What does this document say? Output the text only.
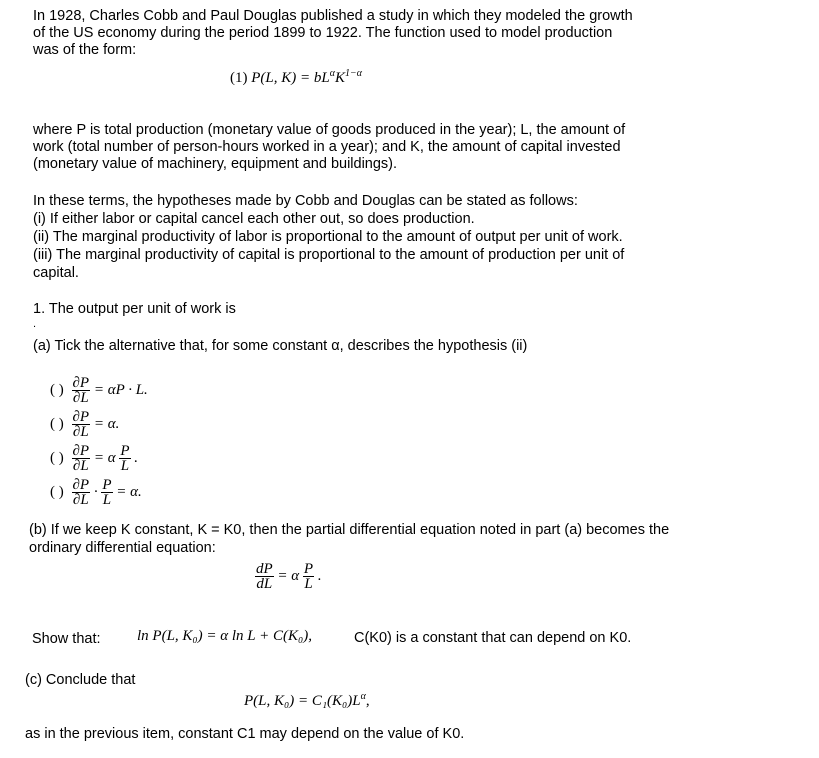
In 1928, Charles Cobb and Paul Douglas published a study in which they modeled the growth
of the US economy during the period 1899 to 1922. The function used to model production
was of the form:
(1) P(L, $K) = bL^\alpha K^{1-\alpha}$
where P is total production (monetary value of goods produced in the year); L, the amount of
work (total number of person-hours worked in a year); and K, the amount of capital invested
(monetary value of machinery, equipment and buildings).
In these terms, the hypotheses made by Cobb and Douglas can be stated as follows:
(i) If either labor or capital cancel each other out, so does production.
(ii) The marginal productivity of labor is proportional to the amount of output per unit of work.
(iii) The marginal productivity of capital is proportional to the amount of production per unit of
capital.
1. The output per unit of work is
.
(a) Tick the alternative that, for some constant α, describes the hypothesis (ii)
( ) $\frac{\partial P}{\partial L} = \alpha P \cdot L$.
( ) $\frac{\partial P}{\partial L} = \alpha$.
( ) $\frac{\partial P}{\partial L} = \alpha \frac{P}{L}$ .
( ) $\frac{\partial P}{\partial L} \cdot \frac{P}{L} = \alpha$.
(b) If we keep K constant, K = K0, then the partial differential equation noted in part (a) becomes the
ordinary differential equation:
$\frac{dP}{dL} = \alpha \frac{P}{L}$ .
Show that: ln P(L, K₀) = α ln L + C(K₀),	C(K0) is a constant that can depend on K0.
(c) Conclude that
P(L, $K_0) = C_1(K_0)L^\alpha$,
as in the previous item, constant C1 may depend on the value of K0.
